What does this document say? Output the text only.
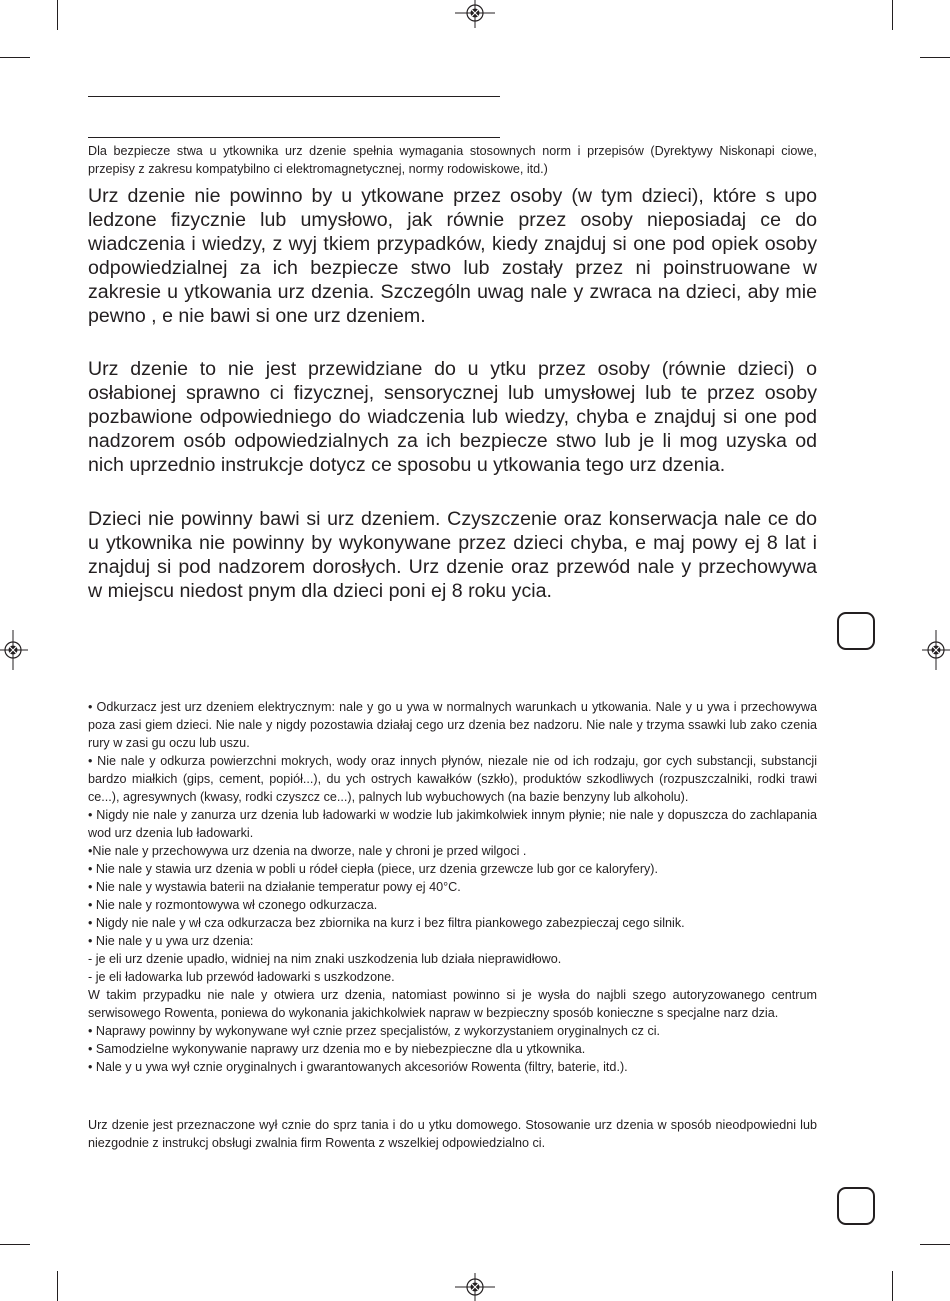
Dla bezpiecze stwa u ytkownika urz dzenie spełnia wymagania stosownych norm i przepisów (Dyrektywy Niskonapi ciowe, przepisy z zakresu kompatybilno ci elektromagnetycznej, normy rodowiskowe, itd.)

Urz dzenie nie powinno by u ytkowane przez osoby (w tym dzieci), które s upo ledzone fizycznie lub umysłowo, jak równie przez osoby nieposiadaj ce do wiadczenia i wiedzy, z wyj tkiem przypadków, kiedy znajduj si one pod opiek osoby odpowiedzialnej za ich bezpiecze stwo lub zostały przez ni poinstruowane w zakresie u ytkowania urz dzenia. Szczególn uwag nale y zwraca na dzieci, aby mie pewno , e nie bawi si one urz dzeniem.

Urz dzenie to nie jest przewidziane do u ytku przez osoby (równie dzieci) o osłabionej sprawno ci fizycznej, sensorycznej lub umysłowej lub te przez osoby pozbawione odpowiedniego do wiadczenia lub wiedzy, chyba e znajduj si one pod nadzorem osób odpowiedzialnych za ich bezpiecze stwo lub je li mog uzyska od nich uprzednio instrukcje dotycz ce sposobu u ytkowania tego urz dzenia.

Dzieci nie powinny bawi si urz dzeniem. Czyszczenie oraz konserwacja nale ce do u ytkownika nie powinny by wykonywane przez dzieci chyba, e maj powy ej 8 lat i znajduj si pod nadzorem dorosłych. Urz dzenie oraz przewód nale y przechowywa w miejscu niedost pnym dla dzieci poni ej 8 roku ycia.

• Odkurzacz jest urz dzeniem elektrycznym: nale y go u ywa w normalnych warunkach u ytkowania. Nale y u ywa i przechowywa poza zasi giem dzieci. Nie nale y nigdy pozostawia działaj cego urz dzenia bez nadzoru. Nie nale y trzyma ssawki lub zako czenia rury w zasi gu oczu lub uszu.

• Nie nale y odkurza powierzchni mokrych, wody oraz innych płynów, niezale nie od ich rodzaju, gor cych substancji, substancji bardzo miałkich (gips, cement, popiół...), du ych ostrych kawałków (szkło), produktów szkodliwych (rozpuszczalniki, rodki trawi ce...), agresywnych (kwasy, rodki czyszcz ce...), palnych lub wybuchowych (na bazie benzyny lub alkoholu).

• Nigdy nie nale y zanurza urz dzenia lub ładowarki w wodzie lub jakimkolwiek innym płynie; nie nale y dopuszcza do zachlapania wod urz dzenia lub ładowarki.

•Nie nale y przechowywa urz dzenia na dworze, nale y chroni je przed wilgoci .

• Nie nale y stawia urz dzenia w pobli u ródeł ciepła (piece, urz dzenia grzewcze lub gor ce kaloryfery).

• Nie nale y wystawia baterii na działanie temperatur powy ej 40°C.

• Nie nale y rozmontowywa wł czonego odkurzacza.

• Nigdy nie nale y wł cza odkurzacza bez zbiornika na kurz i bez filtra piankowego zabezpieczaj cego silnik.

• Nie nale y u ywa urz dzenia:

- je eli urz dzenie upadło, widniej na nim znaki uszkodzenia lub działa nieprawidłowo.

- je eli ładowarka lub przewód ładowarki s uszkodzone.

W takim przypadku nie nale y otwiera urz dzenia, natomiast powinno si je wysła do najbli szego autoryzowanego centrum serwisowego Rowenta, poniewa do wykonania jakichkolwiek napraw w bezpieczny sposób konieczne s specjalne narz dzia.

• Naprawy powinny by wykonywane wył cznie przez specjalistów, z wykorzystaniem oryginalnych cz ci.

• Samodzielne wykonywanie naprawy urz dzenia mo e by niebezpieczne dla u ytkownika.

• Nale y u ywa wył cznie oryginalnych i gwarantowanych akcesoriów Rowenta (filtry, baterie, itd.).

Urz dzenie jest przeznaczone wył cznie do sprz tania i do u ytku domowego. Stosowanie urz dzenia w sposób nieodpowiedni lub niezgodnie z instrukcj obsługi zwalnia firm Rowenta z wszelkiej odpowiedzialno ci.
